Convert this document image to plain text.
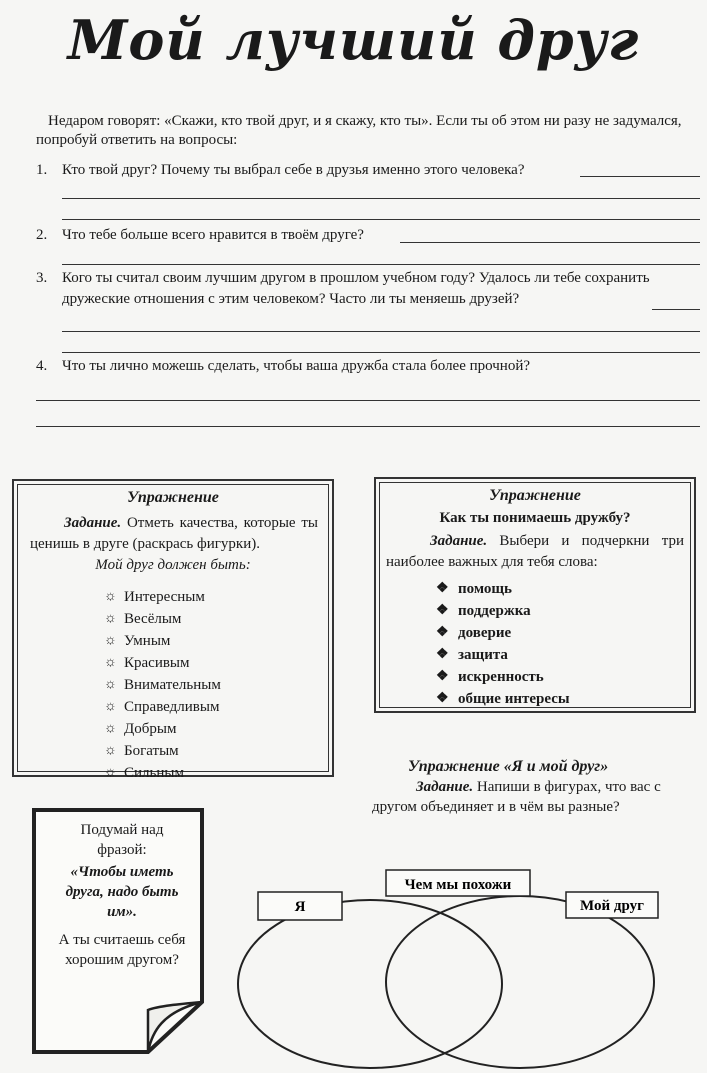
Мой лучший друг
Недаром говорят: «Скажи, кто твой друг, и я скажу, кто ты». Если ты об этом ни разу не задумался, попробуй ответить на вопросы:
1. Кто твой друг? Почему ты выбрал себе в друзья именно этого человека?
2. Что тебе больше всего нравится в твоём друге?
3. Кого ты считал своим лучшим другом в прошлом учебном году? Удалось ли тебе сохранить дружеские отношения с этим человеком? Часто ли ты меняешь друзей?
4. Что ты лично можешь сделать, чтобы ваша дружба стала более прочной?
Упражнение
Задание. Отметь качества, которые ты ценишь в друге (раскрась фигурки).
Мой друг должен быть:
☼ Интересным
☼ Весёлым
☼ Умным
☼ Красивым
☼ Внимательным
☼ Справедливым
☼ Добрым
☼ Богатым
☼ Сильным
Упражнение
Как ты понимаешь дружбу?
Задание. Выбери и подчеркни три наиболее важных для тебя слова:
❖ помощь
❖ поддержка
❖ доверие
❖ защита
❖ искренность
❖ общие интересы
Подумай над фразой:
«Чтобы иметь друга, надо быть им».
А ты считаешь себя хорошим другом?
Упражнение «Я и мой друг»
Задание. Напиши в фигурах, что вас с другом объединяет и в чём вы разные?
Я
Чем мы похожи
Мой друг
